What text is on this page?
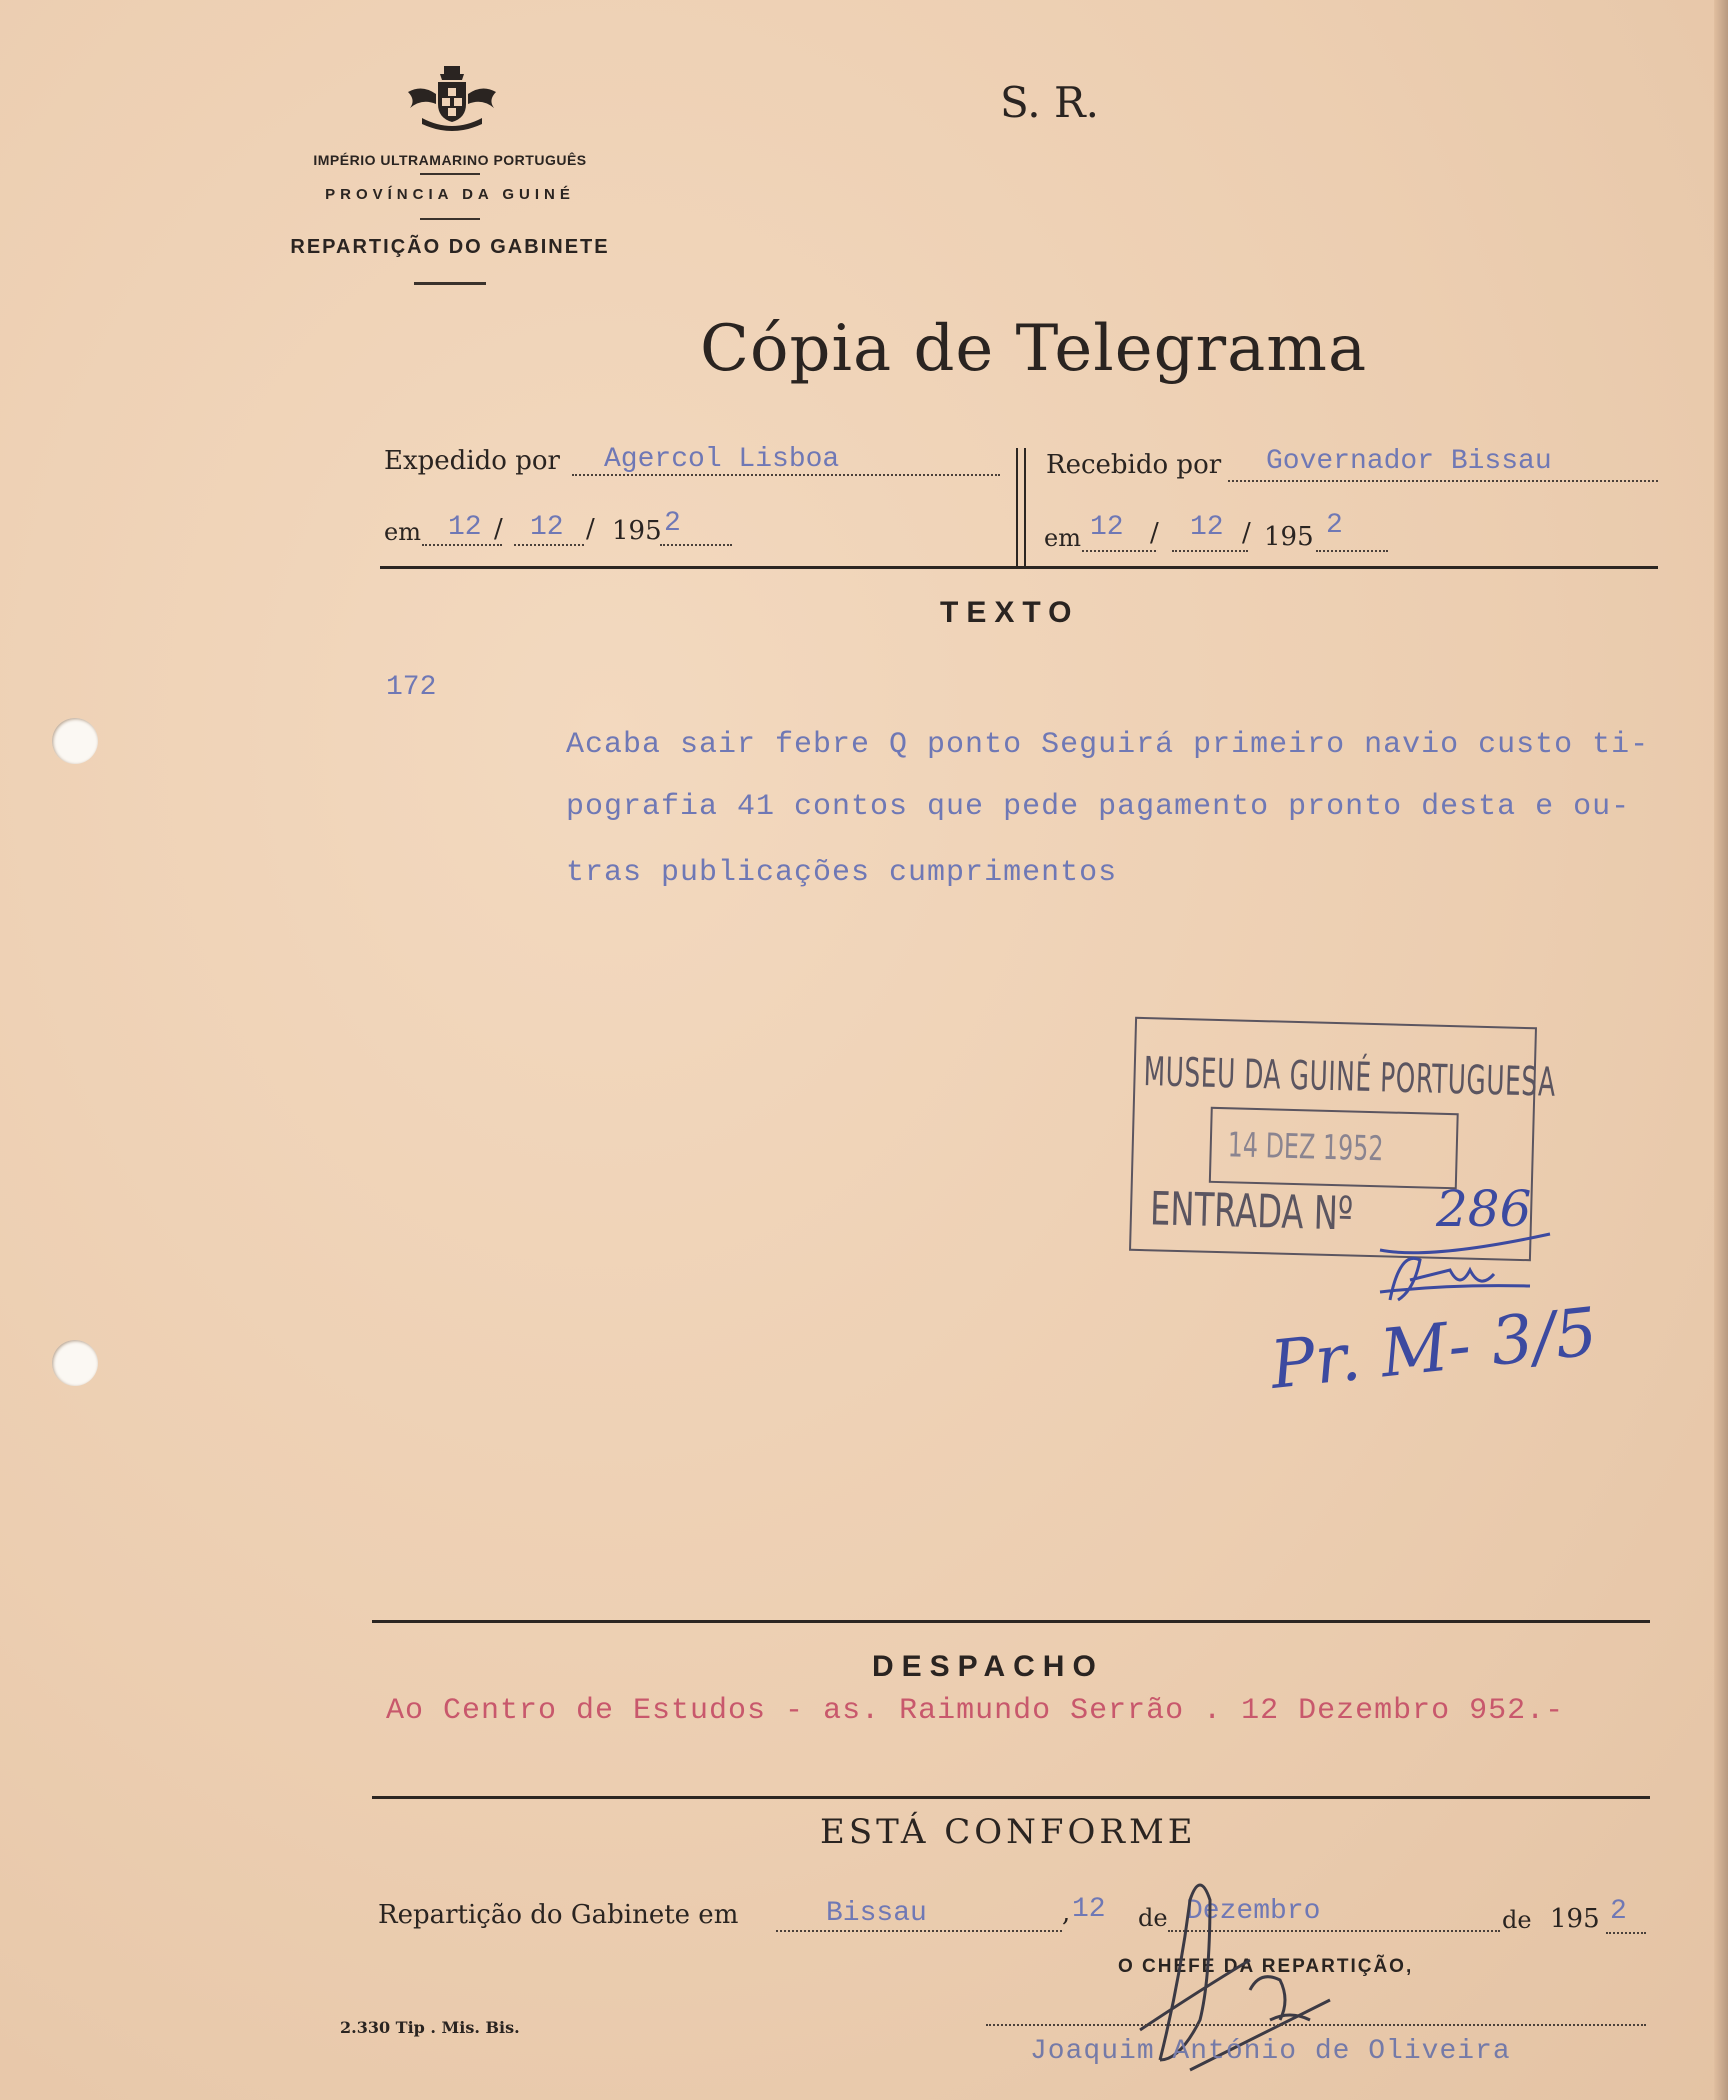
IMPÉRIO ULTRAMARINO PORTUGUÊS
PROVÍNCIA DA GUINÉ
REPARTIÇÃO DO GABINETE
S. R.
Cópia de Telegrama
Expedido por Agercol Lisboa
em 12 / 12 / 195 2
Recebido por Governador Bissau
em 12 / 12 / 195 2
TEXTO
172
Acaba sair febre Q ponto Seguirá primeiro navio custo ti-
pografia 41 contos que pede pagamento pronto desta e ou-
tras publicações cumprimentos
MUSEU DA GUINÉ PORTUGUESA
14 DEZ 1952
ENTRADA Nº 286
Pr. M- 3/5
DESPACHO
Ao Centro de Estudos - as. Raimundo Serrão . 12 Dezembro 952.-
ESTÁ CONFORME
Repartição do Gabinete em	Bissau	, 12 de Dezembro	de 195 2
O CHEFE DA REPARTIÇÃO,
Joaquim António de Oliveira
2.330 Tip . Mis. Bis.
